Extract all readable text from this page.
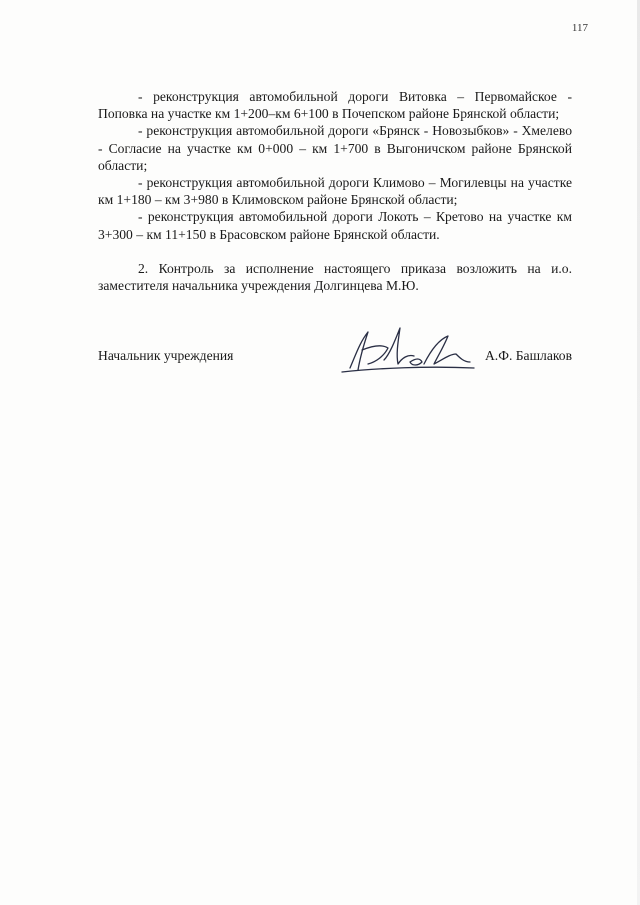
117

- реконструкция автомобильной дороги Витовка – Первомайское - Поповка на участке км 1+200–км 6+100 в Почепском районе Брянской области;

- реконструкция автомобильной дороги «Брянск - Новозыбков» - Хмелево - Согласие на участке км 0+000 – км 1+700 в Выгоничском районе Брянской области;

- реконструкция автомобильной дороги Климово – Могилевцы на участке км 1+180 – км 3+980 в Климовском районе Брянской области;

- реконструкция автомобильной дороги Локоть – Кретово на участке км 3+300 – км 11+150 в Брасовском районе Брянской области.

2. Контроль за исполнение настоящего приказа возложить на и.о. заместителя начальника учреждения Долгинцева М.Ю.

Начальник учреждения	А.Ф. Башлаков
